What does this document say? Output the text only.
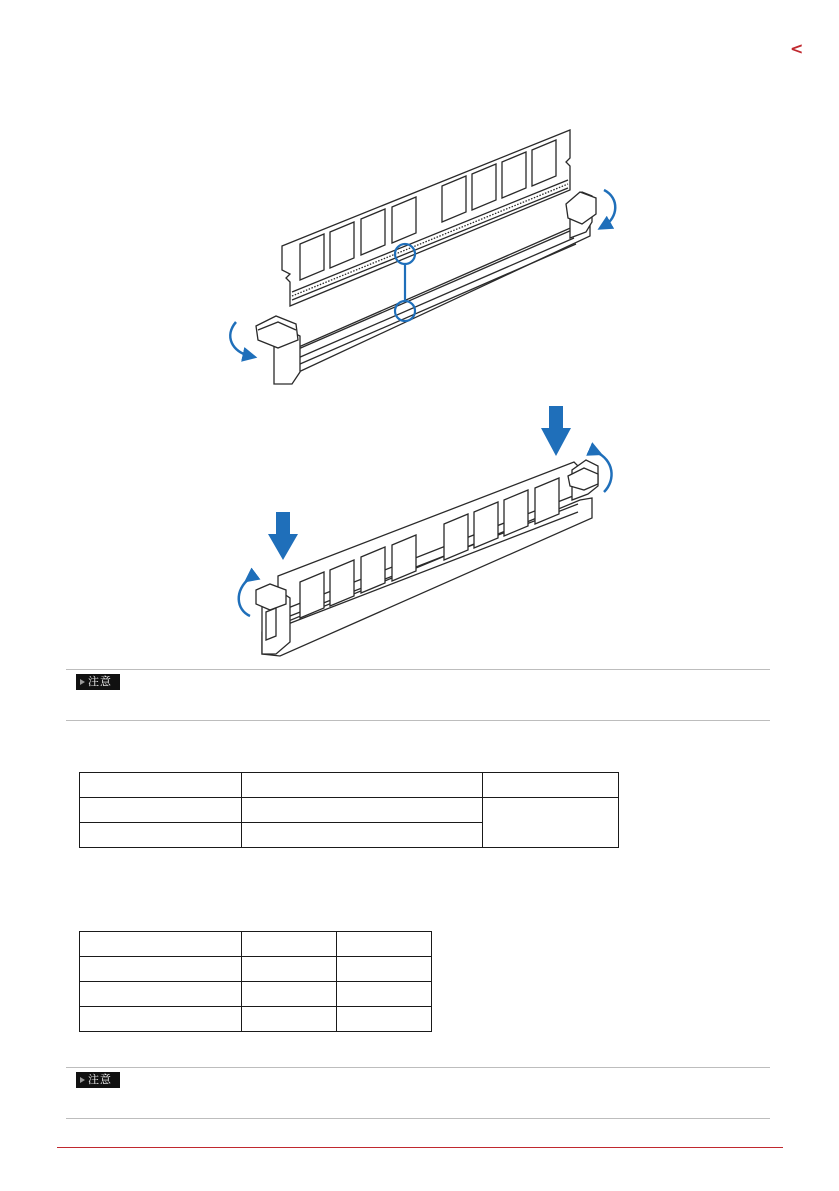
<
注意

注意
